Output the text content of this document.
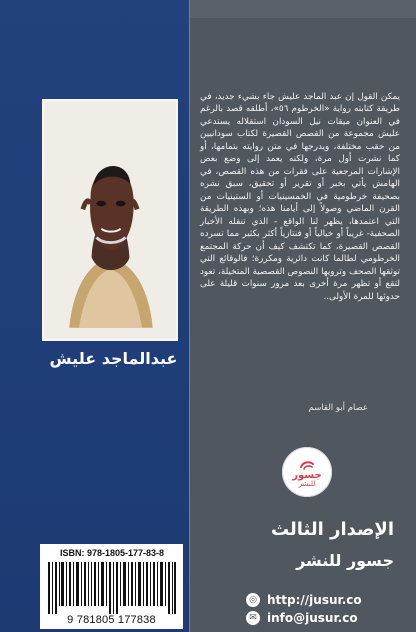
عبدالماجد عليش
يمكن القول إن عبد الماجد عليش جاء بشيء جديد، في طريقة كتابته رواية «الخرطوم ٥٦»، أطلقه قصد بالرغم في العنوان ميقات نيل السودان استقلاله يستدعي عليش مجموعة من القصص القصيرة لكتاب سودانيين من حقب مختلفة، ويدرجها في متن روايته بتمامها، أو كما نشرت أول مرة، ولكنه يعمد إلى وضع بعض الإشارات المرجعية على فقرات من هذه القصص، في الهامش يأتي بخبر أو تقرير أو تحقيق، سبق نشره بصحيفة خرطومية في الخمسينيات أو الستينيات من القرن الماضي وصولاً إلى أيامنا هذه؛ وبهذه الطريقة التي اعتمدها، يظهر لنا الواقع - الذي تنقله الأخبار الصحفية- غريباً أو خيالياً أو فنتازياً أكثر بكثير مما تسرده القصص القصيرة، كما تكتشف كيف أن حركة المجتمع الخرطومي لطالما كانت دائرية ومكررة؛ فالوقائع التي توثقها الصحف وترويها النصوص القصصية المتخيلة، تعود لتقع أو تظهر مرة أخرى بعد مرور سنوات قليلة على حدوثها للمرة الأولى..
عصام أبو القاسم
جسور
للنشر
الإصدار الثالث
جسور للنشر
◎ http://jusur.co
✉ info@jusur.co
ISBN: 978-1805-177-83-8
9 781805 177838
